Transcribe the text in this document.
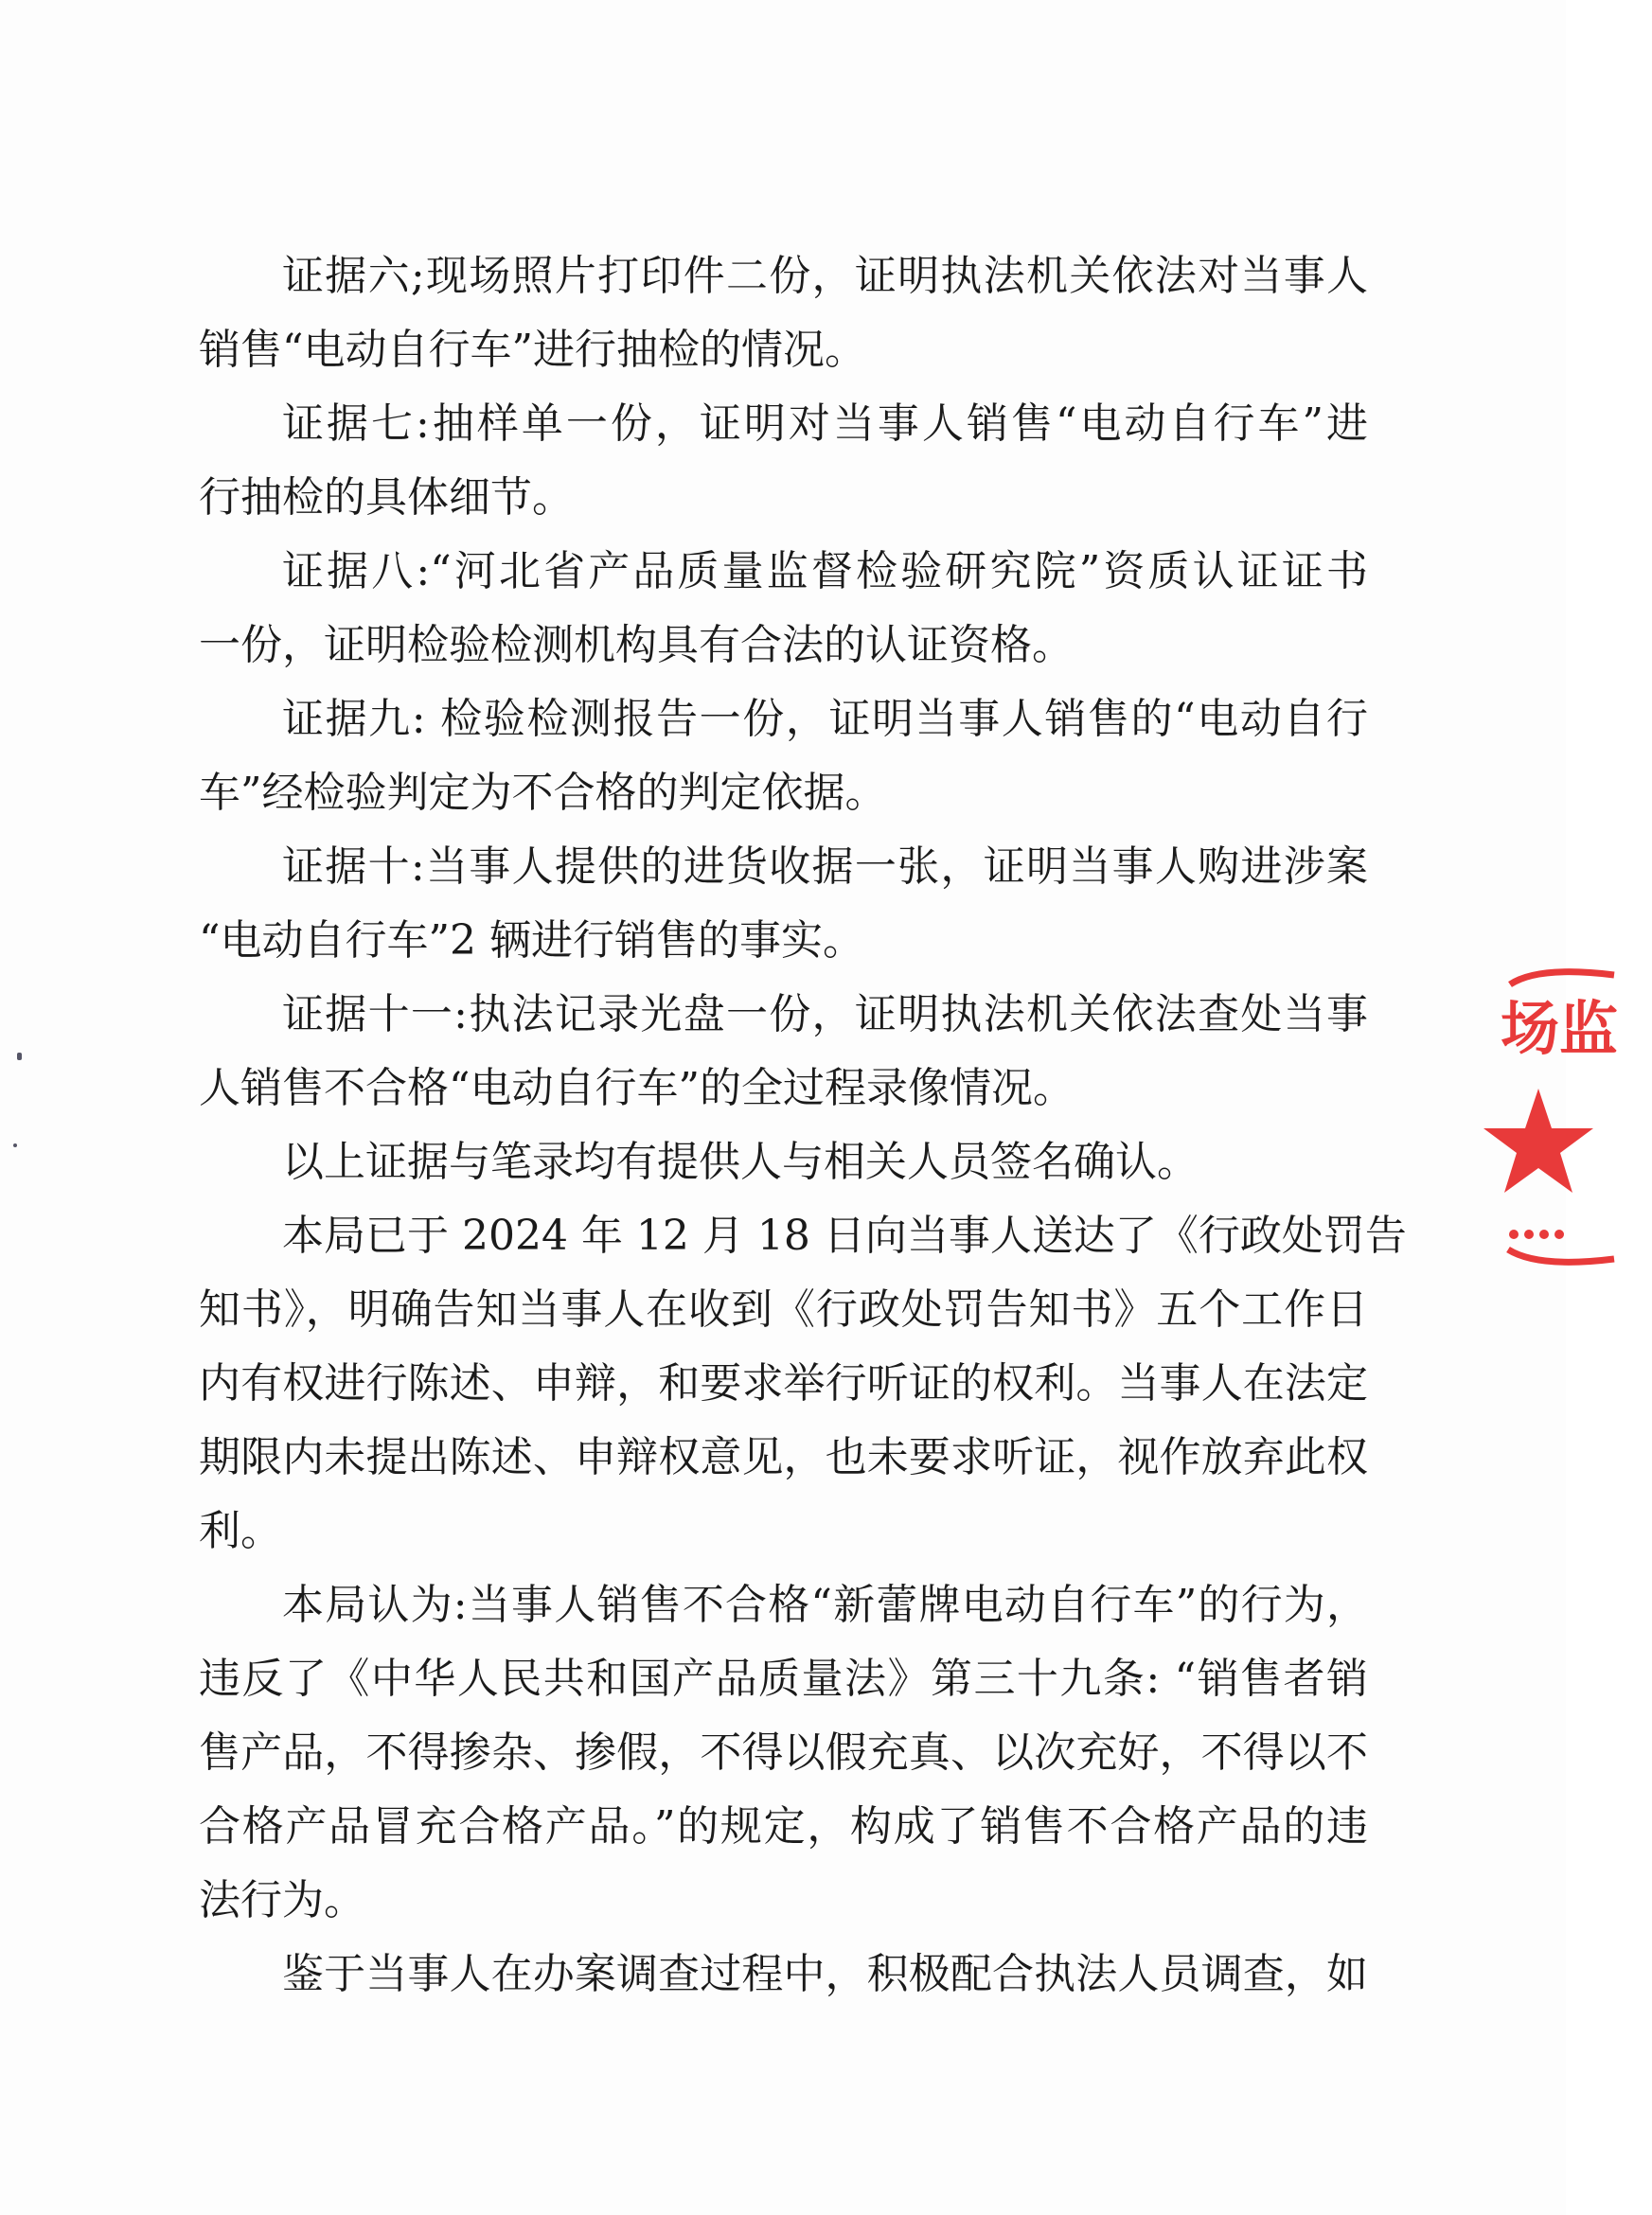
证据六;现场照片打印件二份，证明执法机关依法对当事人
销售“电动自行车”进行抽检的情况。
证据七:抽样单一份，证明对当事人销售“电动自行车”进
行抽检的具体细节。
证据八:“河北省产品质量监督检验研究院”资质认证证书
一份，证明检验检测机构具有合法的认证资格。
证据九: 检验检测报告一份，证明当事人销售的“电动自行
车”经检验判定为不合格的判定依据。
证据十:当事人提供的进货收据一张，证明当事人购进涉案
“电动自行车”2 辆进行销售的事实。
证据十一:执法记录光盘一份，证明执法机关依法查处当事
人销售不合格“电动自行车”的全过程录像情况。
以上证据与笔录均有提供人与相关人员签名确认。
本局已于 2024 年 12 月 18 日向当事人送达了《行政处罚告
知书》，明确告知当事人在收到《行政处罚告知书》五个工作日
内有权进行陈述、申辩，和要求举行听证的权利。当事人在法定
期限内未提出陈述、申辩权意见，也未要求听证，视作放弃此权
利。
本局认为:当事人销售不合格“新蕾牌电动自行车”的行为，
违反了《中华人民共和国产品质量法》第三十九条: “销售者销
售产品，不得掺杂、掺假，不得以假充真、以次充好，不得以不
合格产品冒充合格产品。”的规定，构成了销售不合格产品的违
法行为。
鉴于当事人在办案调查过程中，积极配合执法人员调查，如
场监
